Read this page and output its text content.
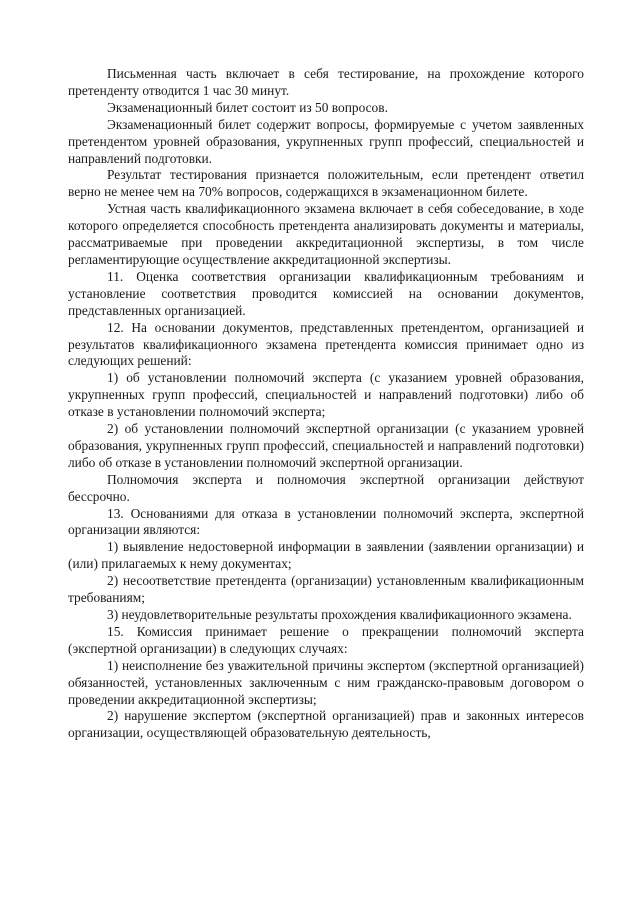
Письменная часть включает в себя тестирование, на прохождение которого претенденту отводится 1 час 30 минут.

Экзаменационный билет состоит из 50 вопросов.

Экзаменационный билет содержит вопросы, формируемые с учетом заявленных претендентом уровней образования, укрупненных групп профессий, специальностей и направлений подготовки.

Результат тестирования признается положительным, если претендент ответил верно не менее чем на 70% вопросов, содержащихся в экзаменационном билете.

Устная часть квалификационного экзамена включает в себя собеседование, в ходе которого определяется способность претендента анализировать документы и материалы, рассматриваемые при проведении аккредитационной экспертизы, в том числе регламентирующие осуществление аккредитационной экспертизы.

11. Оценка соответствия организации квалификационным требованиям и установление соответствия проводится комиссией на основании документов, представленных организацией.

12. На основании документов, представленных претендентом, организацией и результатов квалификационного экзамена претендента комиссия принимает одно из следующих решений:

1) об установлении полномочий эксперта (с указанием уровней образования, укрупненных групп профессий, специальностей и направлений подготовки) либо об отказе в установлении полномочий эксперта;

2) об установлении полномочий экспертной организации (с указанием уровней образования, укрупненных групп профессий, специальностей и направлений подготовки) либо об отказе в установлении полномочий экспертной организации.

Полномочия эксперта и полномочия экспертной организации действуют бессрочно.

13. Основаниями для отказа в установлении полномочий эксперта, экспертной организации являются:

1) выявление недостоверной информации в заявлении (заявлении организации) и (или) прилагаемых к нему документах;

2) несоответствие претендента (организации) установленным квалификационным требованиям;

3) неудовлетворительные результаты прохождения квалификационного экзамена.

15. Комиссия принимает решение о прекращении полномочий эксперта (экспертной организации) в следующих случаях:

1) неисполнение без уважительной причины экспертом (экспертной организацией) обязанностей, установленных заключенным с ним гражданско-правовым договором о проведении аккредитационной экспертизы;

2) нарушение экспертом (экспертной организацией) прав и законных интересов организации, осуществляющей образовательную деятельность,
